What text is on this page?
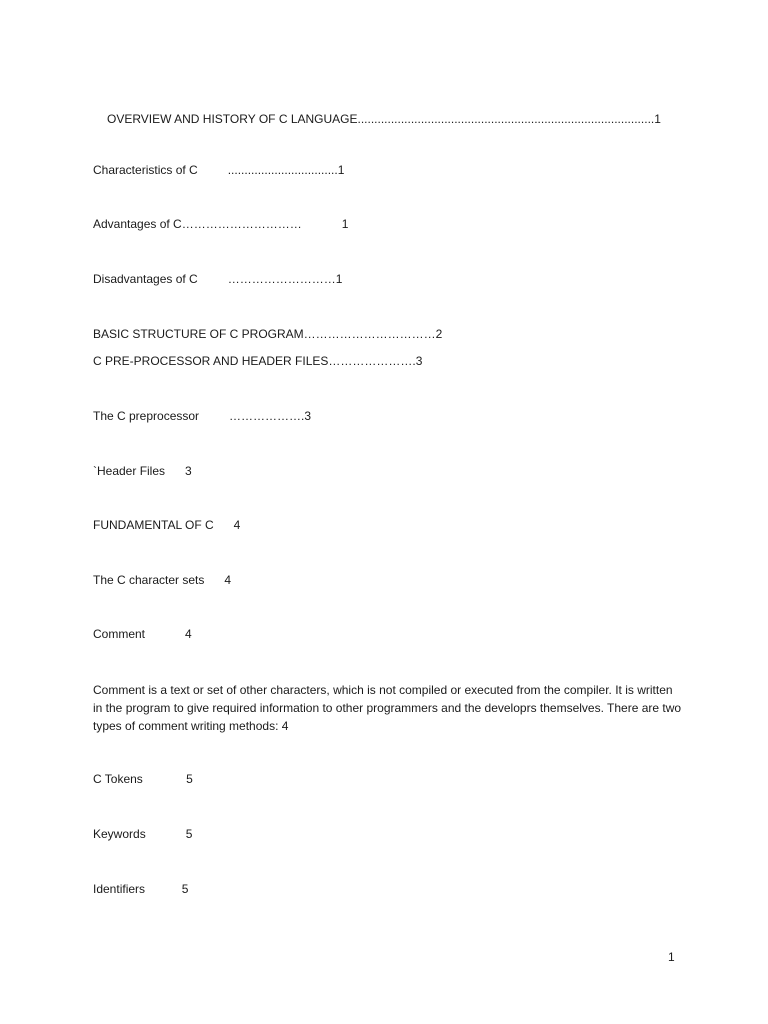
OVERVIEW AND HISTORY OF C LANGUAGE.........................................................................................1
Characteristics of C         .................................1
Advantages of C…………………………            1
Disadvantages of C         ………………………1
BASIC STRUCTURE OF C PROGRAM……………………………2
C PRE-PROCESSOR AND HEADER FILES………………….3
The C preprocessor         ……………….3
`Header Files      3
FUNDAMENTAL OF C      4
The C character sets      4
Comment            4
Comment is a text or set of other characters, which is not compiled or executed from the compiler. It is written in the program to give required information to other programmers and the developrs themselves. There are two types of comment writing methods: 4
C Tokens             5
Keywords            5
Identifiers           5
1
